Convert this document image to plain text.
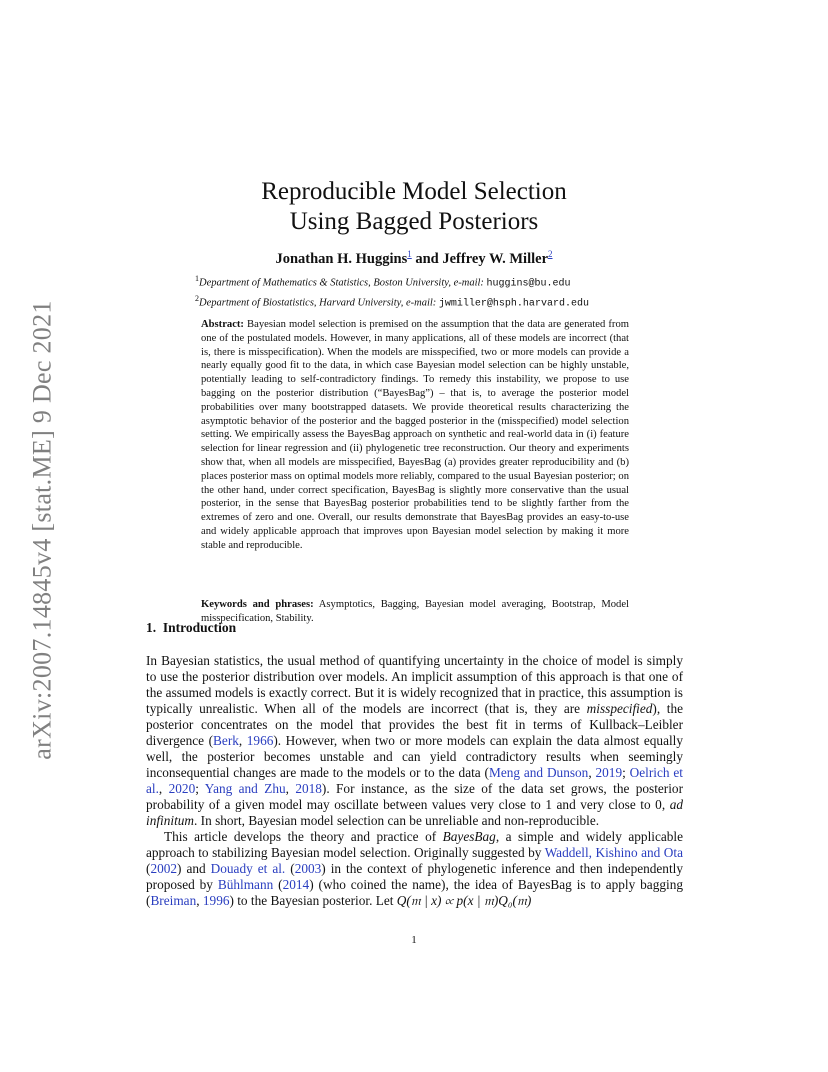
arXiv:2007.14845v4 [stat.ME] 9 Dec 2021
Reproducible Model Selection
Using Bagged Posteriors
Jonathan H. Huggins$^1$ and Jeffrey W. Miller$^2$
$^1$Department of Mathematics & Statistics, Boston University, e-mail: huggins@bu.edu
$^2$Department of Biostatistics, Harvard University, e-mail: jwmiller@hsph.harvard.edu
Abstract: Bayesian model selection is premised on the assumption that the data are generated from one of the postulated models. However, in many applications, all of these models are incorrect (that is, there is misspecification). When the models are misspecified, two or more models can provide a nearly equally good fit to the data, in which case Bayesian model selection can be highly unstable, potentially leading to self-contradictory findings. To remedy this instability, we propose to use bagging on the posterior distribution (“BayesBag”) – that is, to average the posterior model probabilities over many bootstrapped datasets. We provide theoretical results characterizing the asymptotic behavior of the posterior and the bagged posterior in the (misspecified) model selection setting. We empirically assess the BayesBag approach on synthetic and real-world data in (i) feature selection for linear regression and (ii) phylogenetic tree reconstruction. Our theory and experiments show that, when all models are misspecified, BayesBag (a) provides greater reproducibility and (b) places posterior mass on optimal models more reliably, compared to the usual Bayesian posterior; on the other hand, under correct specification, BayesBag is slightly more conservative than the usual posterior, in the sense that BayesBag posterior probabilities tend to be slightly farther from the extremes of zero and one. Overall, our results demonstrate that BayesBag provides an easy-to-use and widely applicable approach that improves upon Bayesian model selection by making it more stable and reproducible.
Keywords and phrases: Asymptotics, Bagging, Bayesian model averaging, Bootstrap, Model misspecification, Stability.
1. Introduction

In Bayesian statistics, the usual method of quantifying uncertainty in the choice of model is simply to use the posterior distribution over models. An implicit assumption of this approach is that one of the assumed models is exactly correct. But it is widely recognized that in practice, this assumption is typically unrealistic. When all of the models are incorrect (that is, they are misspecified), the posterior concentrates on the model that provides the best fit in terms of Kullback–Leibler divergence (Berk, 1966). However, when two or more models can explain the data almost equally well, the posterior becomes unstable and can yield contradictory results when seemingly inconsequential changes are made to the models or to the data (Meng and Dunson, 2019; Oelrich et al., 2020; Yang and Zhu, 2018). For instance, as the size of the data set grows, the posterior probability of a given model may oscillate between values very close to 1 and very close to 0, ad infinitum. In short, Bayesian model selection can be unreliable and non-reproducible.

This article develops the theory and practice of BayesBag, a simple and widely applicable approach to stabilizing Bayesian model selection. Originally suggested by Waddell, Kishino and Ota (2002) and Douady et al. (2003) in the context of phylogenetic inference and then independently proposed by Bühlmann (2014) (who coined the name), the idea of BayesBag is to apply bagging (Breiman, 1996) to the Bayesian posterior. Let Q(𝔪 | x) ∝ p(x | 𝔪)Q₀(𝔪)

1
